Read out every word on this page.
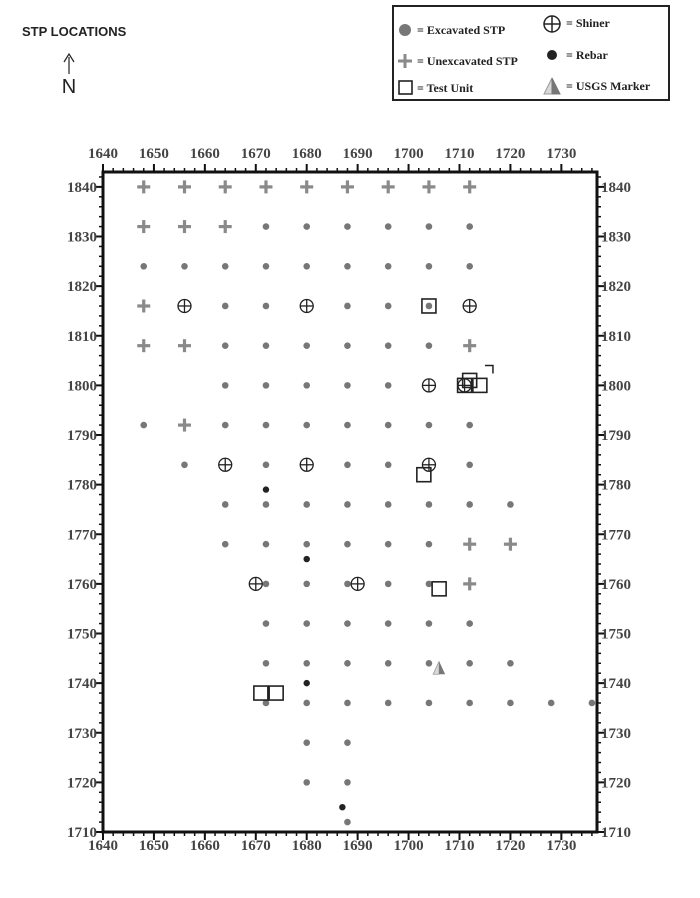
STP LOCATIONS	= Excavated STP
= Unexcavated STP
= Test Unit
= Shiner
= Rebar
= USGS Marker
N
1640
1640
1650
1650
1660
1660
1670
1670
1680
1680
1690
1690
1700
1700
1710
1710
1720
1720
1730
1730
1710	1710
1720	1720
1730	1730
1740	1740
1750	1750
1760	1760
1770	1770
1780	1780
1790	1790
1800	1800
1810	1810
1820	1820
1830	1830
1840	1840
